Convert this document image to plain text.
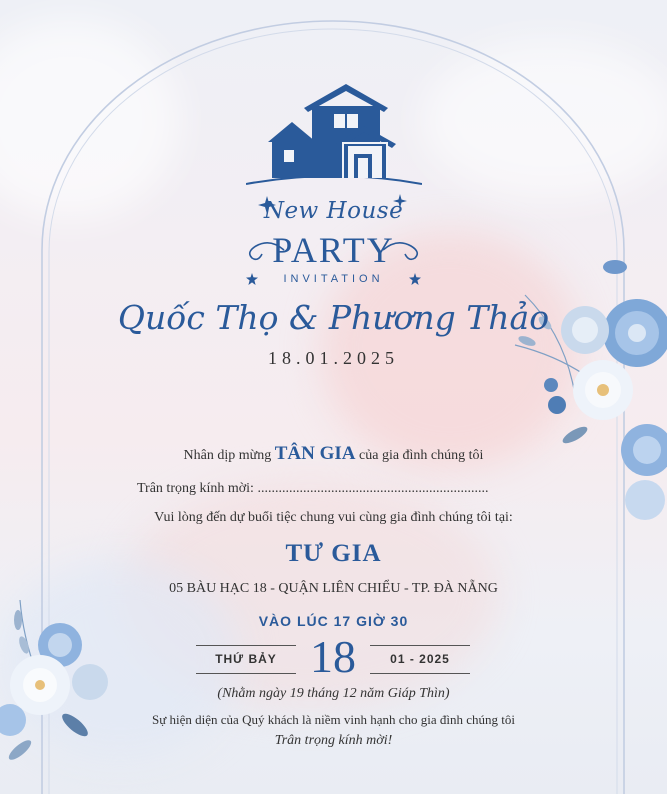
New House
PARTY
INVITATION
Quốc Thọ & Phương Thảo
18.01.2025
Nhân dịp mừng TÂN GIA của gia đình chúng tôi
Trân trọng kính mời: ..................................................................
Vui lòng đến dự buổi tiệc chung vui cùng gia đình chúng tôi tại:
TƯ GIA
05 BÀU HẠC 18 - QUẬN LIÊN CHIỂU - TP. ĐÀ NẴNG
VÀO LÚC 17 GIỜ 30
THỨ BẢY 18	01 - 2025
(Nhằm ngày 19 tháng 12 năm Giáp Thìn)
Sự hiện diện của Quý khách là niềm vinh hạnh cho gia đình chúng tôi
Trân trọng kính mời!
